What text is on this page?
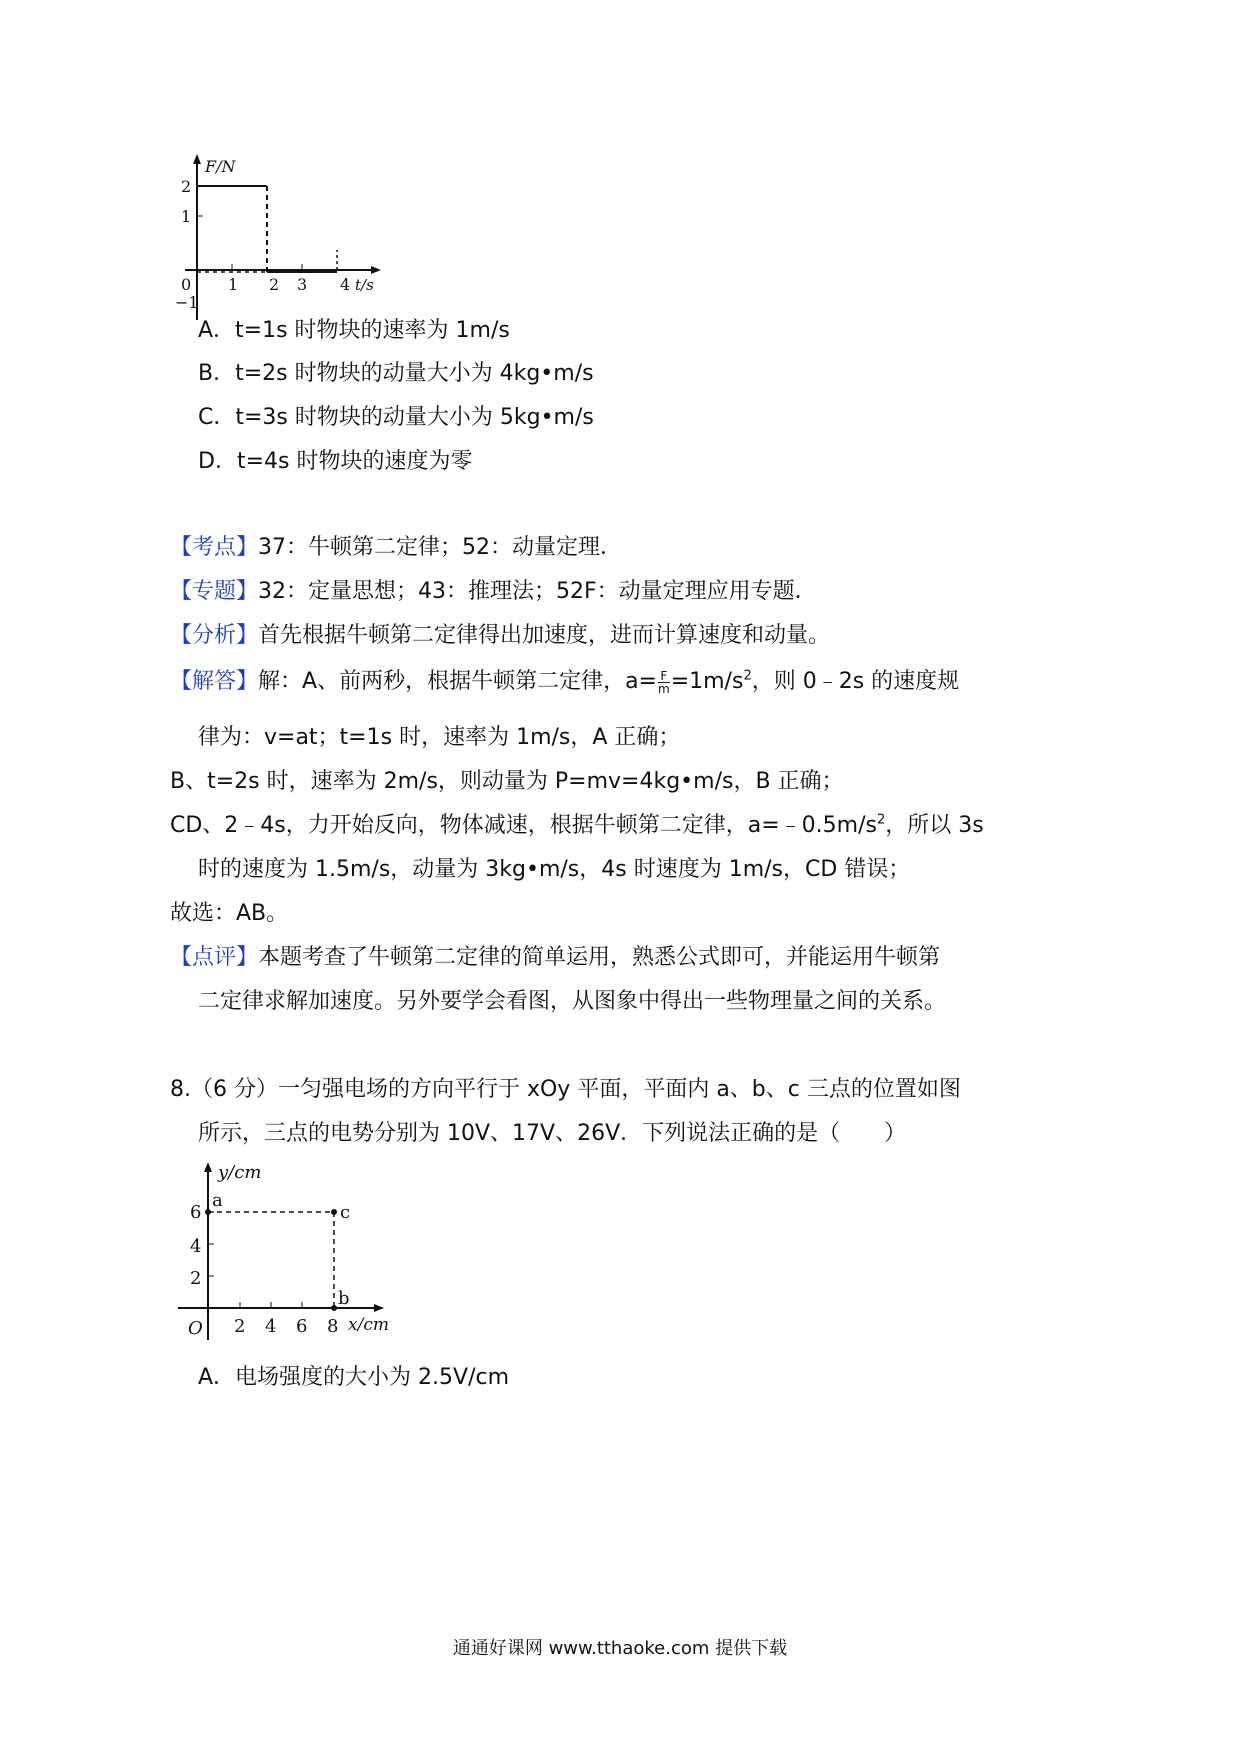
F/N
t/s
2
1
0
−1
1 2 3 4
A．t=1s 时物块的速率为 1m/s
B．t=2s 时物块的动量大小为 4kg•m/s
C．t=3s 时物块的动量大小为 5kg•m/s
D．t=4s 时物块的速度为零
【考点】37：牛顿第二定律；52：动量定理．
【专题】32：定量思想；43：推理法；52F：动量定理应用专题．
【分析】首先根据牛顿第二定律得出加速度，进而计算速度和动量。
【解答】解：A、前两秒，根据牛顿第二定律，$a= \frac{F}{m} =1m/s^2$，则 0﹣2s 的速度规
律为：v=at；t=1s 时，速率为 1m/s，A 正确；
B、t=2s 时，速率为 2m/s，则动量为 P=mv=4kg•m/s，B 正确；
CD、2﹣4s，力开始反向，物体减速，根据牛顿第二定律，$a=﹣0.5m/s^2$，所以 3s
时的速度为 1.5m/s，动量为 3kg•m/s，4s 时速度为 1m/s，CD 错误；
故选：AB。
【点评】本题考查了牛顿第二定律的简单运用，熟悉公式即可，并能运用牛顿第
二定律求解加速度。另外要学会看图，从图象中得出一些物理量之间的关系。
8.（6 分）一匀强电场的方向平行于 xOy 平面，平面内 a、b、c 三点的位置如图
所示，三点的电势分别为 10V、17V、26V．下列说法正确的是（　　）
y/cm
x/cm
O
6
4
2
2 4 6 8
a
c
b
A．电场强度的大小为 2.5V/cm
通通好课网 www.tthaoke.com 提供下载
